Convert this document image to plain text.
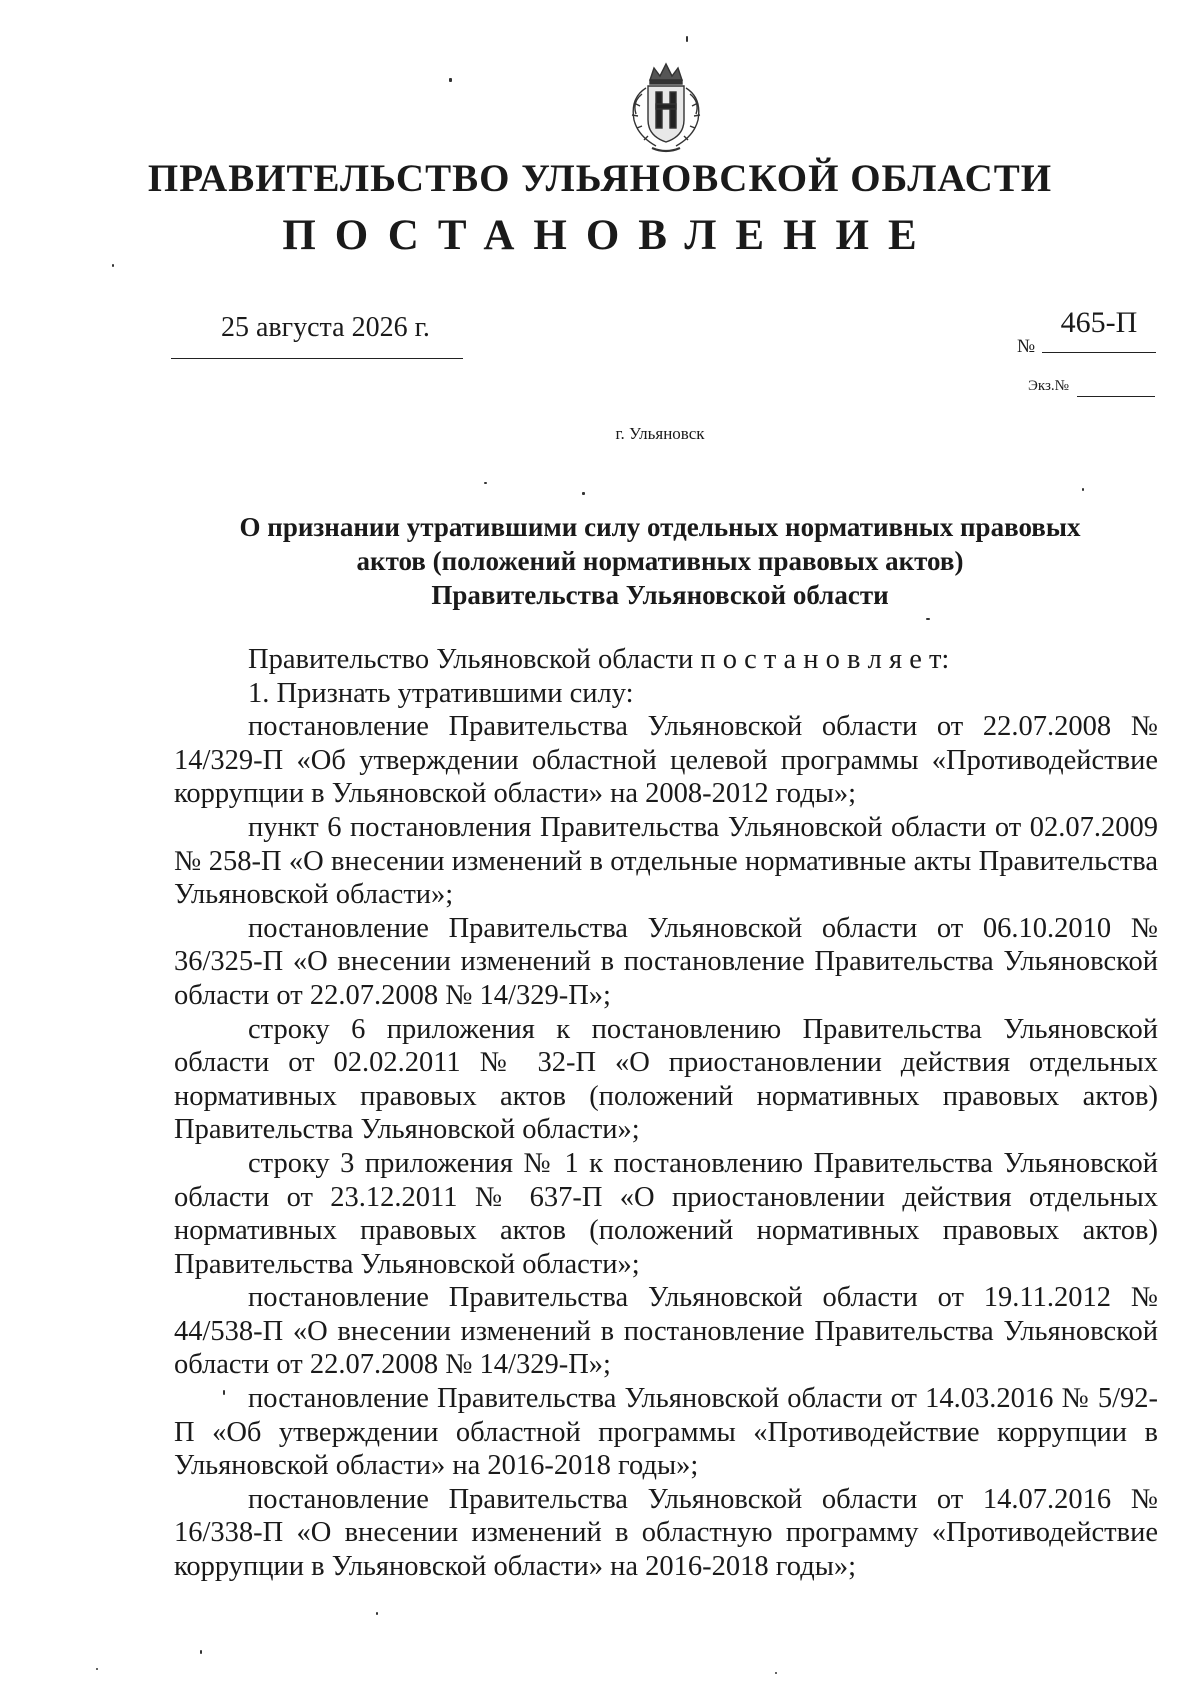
ПРАВИТЕЛЬСТВО УЛЬЯНОВСКОЙ ОБЛАСТИ
ПОСТАНОВЛЕНИЕ
25 августа 2026 г.
№
465-П
Экз.№
г. Ульяновск
О признании утратившими силу отдельных нормативных правовых
актов (положений нормативных правовых актов)
Правительства Ульяновской области

Правительство Ульяновской области п о с т а н о в л я е т:

1. Признать утратившими силу:

постановление Правительства Ульяновской области от 22.07.2008 № 14/329-П «Об утверждении областной целевой программы «Противодействие коррупции в Ульяновской области» на 2008-2012 годы»;

пункт 6 постановления Правительства Ульяновской области от 02.07.2009 № 258-П «О внесении изменений в отдельные нормативные акты Правительства Ульяновской области»;

постановление Правительства Ульяновской области от 06.10.2010 № 36/325-П «О внесении изменений в постановление Правительства Ульяновской области от 22.07.2008 № 14/329-П»;

строку 6 приложения к постановлению Правительства Ульяновской области от 02.02.2011 № 32-П «О приостановлении действия отдельных нормативных правовых актов (положений нормативных правовых актов) Правительства Ульяновской области»;

строку 3 приложения № 1 к постановлению Правительства Ульяновской области от 23.12.2011 № 637-П «О приостановлении действия отдельных нормативных правовых актов (положений нормативных правовых актов) Правительства Ульяновской области»;

постановление Правительства Ульяновской области от 19.11.2012 № 44/538-П «О внесении изменений в постановление Правительства Ульяновской области от 22.07.2008 № 14/329-П»;

постановление Правительства Ульяновской области от 14.03.2016 № 5/92-П «Об утверждении областной программы «Противодействие коррупции в Ульяновской области» на 2016-2018 годы»;

постановление Правительства Ульяновской области от 14.07.2016 № 16/338-П «О внесении изменений в областную программу «Противодействие коррупции в Ульяновской области» на 2016-2018 годы»;
